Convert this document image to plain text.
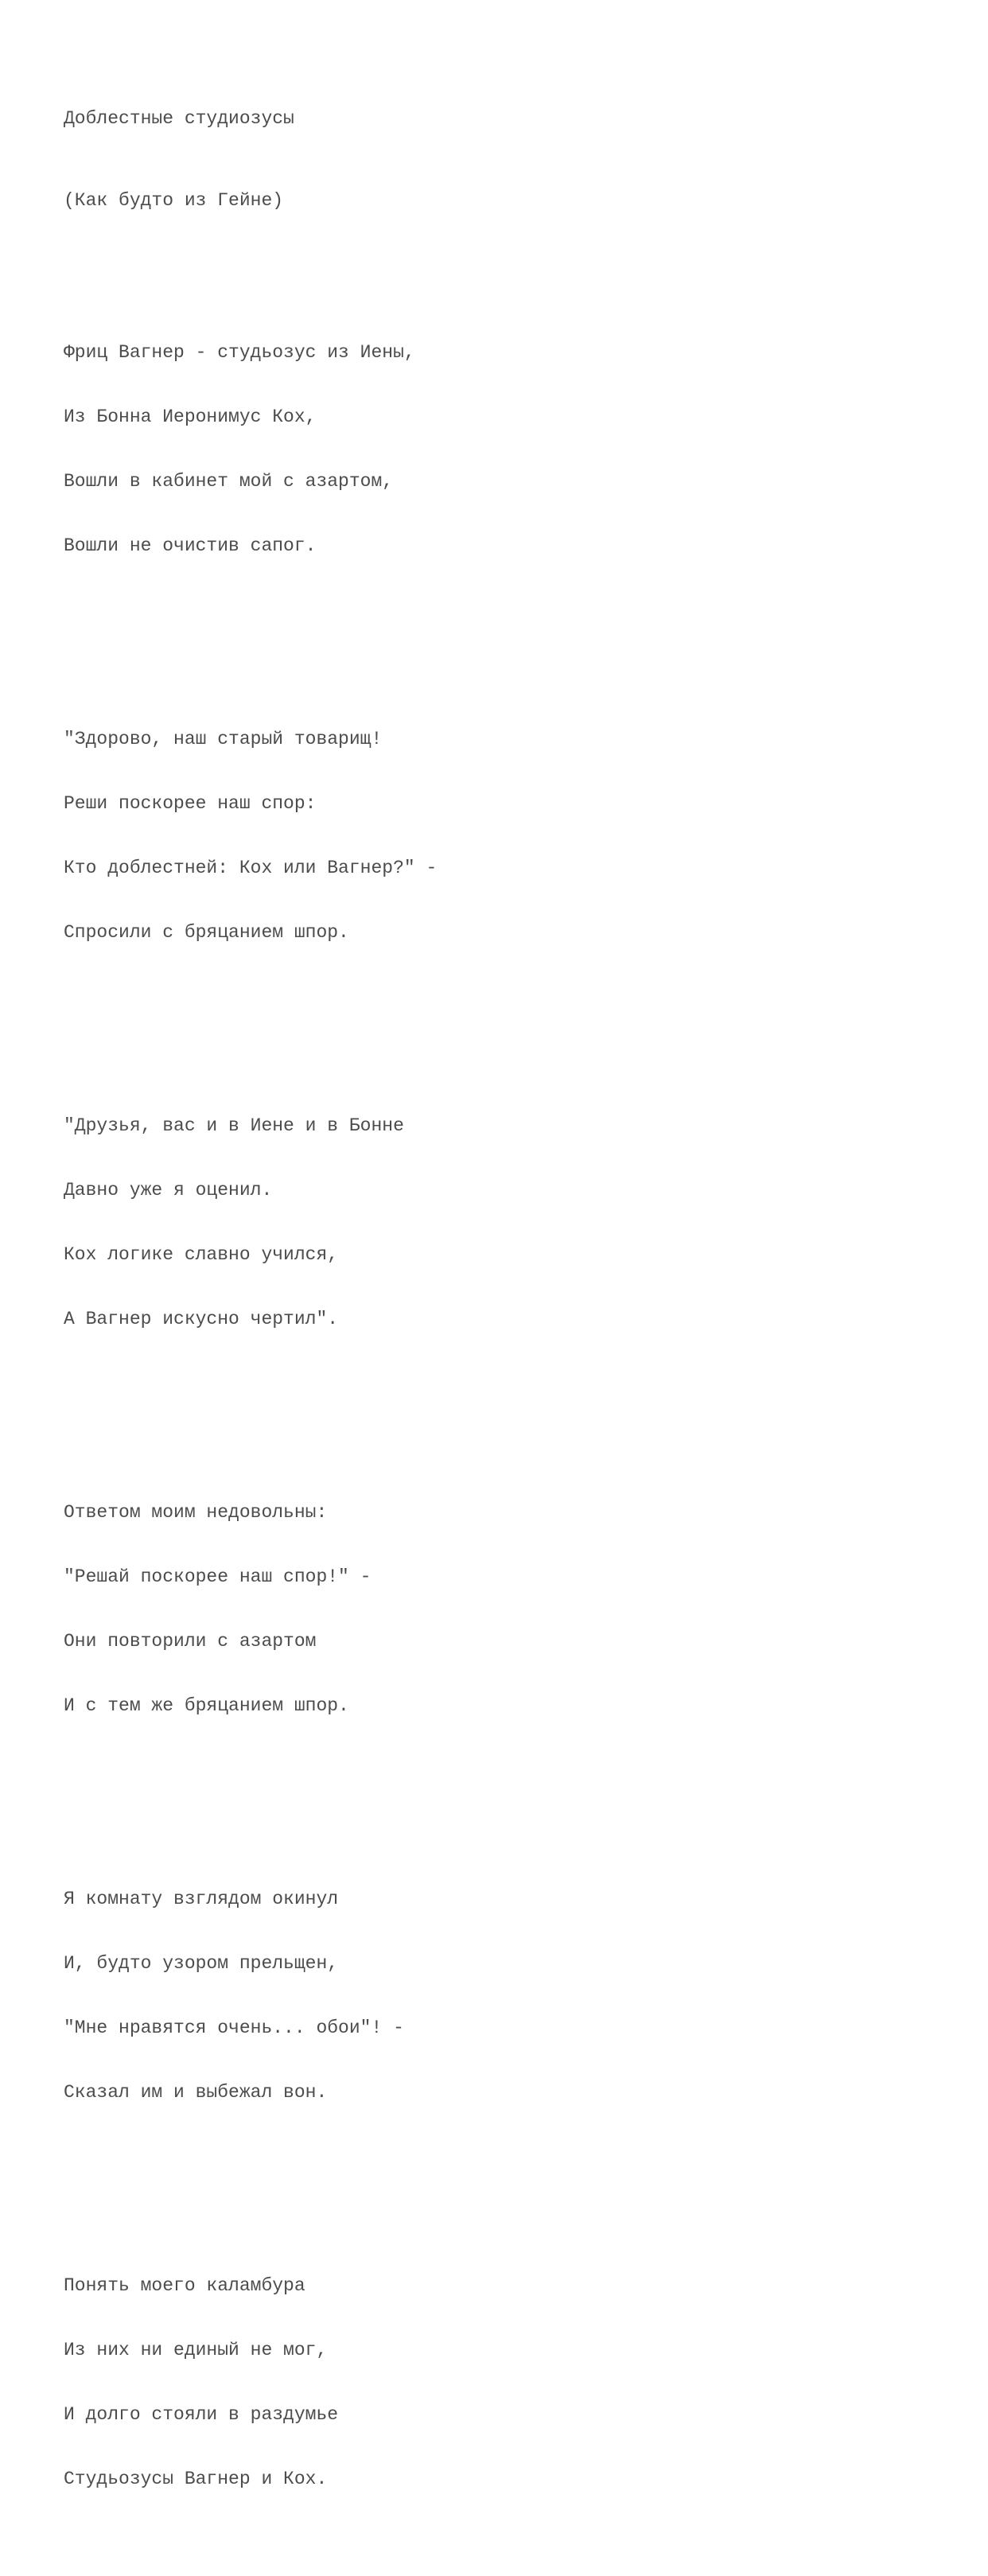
Доблестные студиозусы

(Как будто из Гейне)

Фриц Вагнер - студьозус из Иены,

Из Бонна Иеронимус Кох,

Вошли в кабинет мой с азартом,

Вошли не очистив сапог.

"Здорово, наш старый товарищ!

Реши поскорее наш спор:

Кто доблестней: Кох или Вагнер?" -

Спросили с бряцанием шпор.

"Друзья, вас и в Иене и в Бонне

Давно уже я оценил.

Кох логике славно учился,

А Вагнер искусно чертил".

Ответом моим недовольны:

"Решай поскорее наш спор!" -

Они повторили с азартом

И с тем же бряцанием шпор.

Я комнату взглядом окинул

И, будто узором прельщен,

"Мне нравятся очень... обои"! -

Сказал им и выбежал вон.

Понять моего каламбура

Из них ни единый не мог,

И долго стояли в раздумье

Студьозусы Вагнер и Кох.
